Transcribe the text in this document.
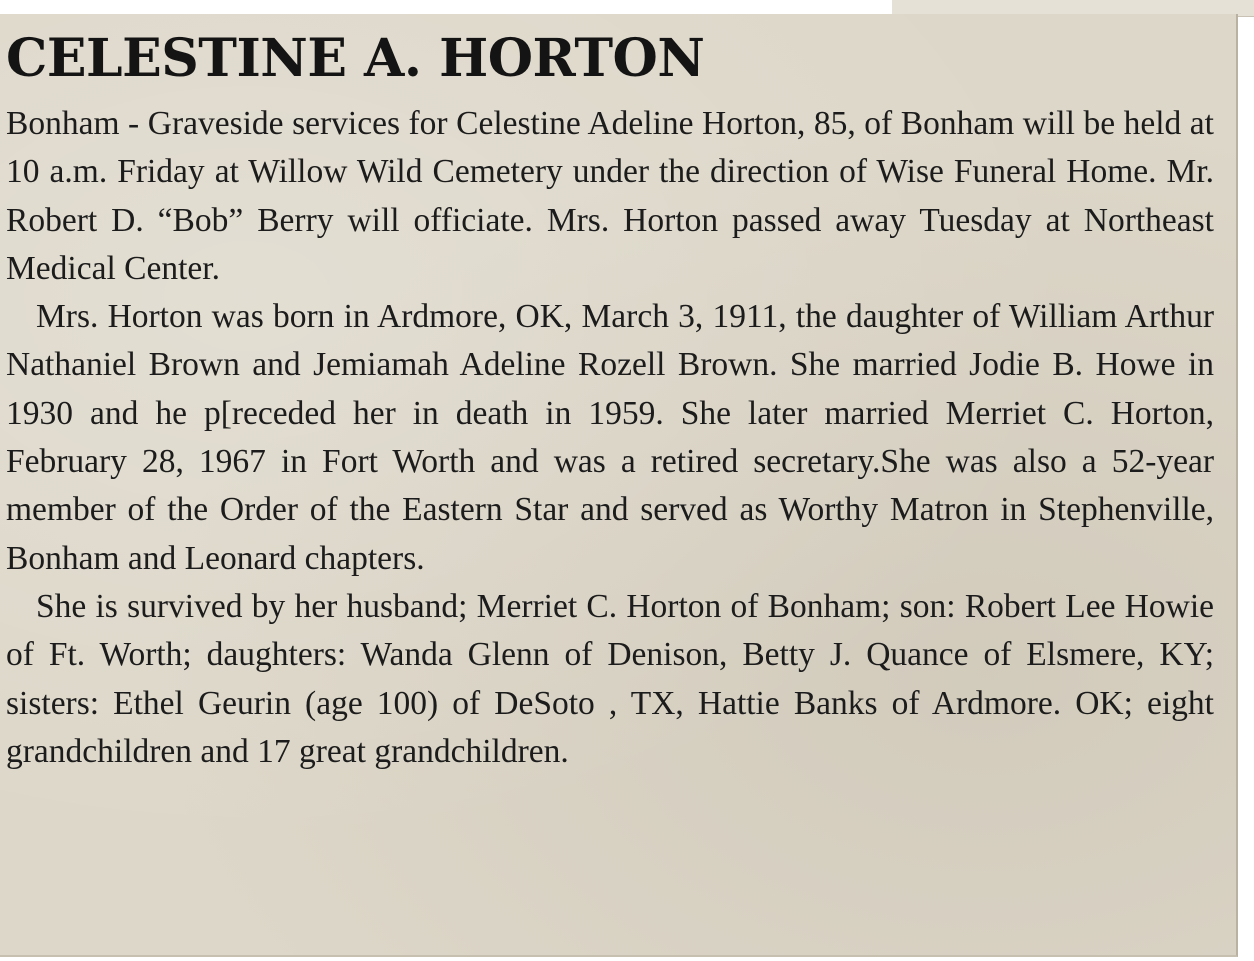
CELESTINE A. HORTON

Bonham - Graveside services for Celestine Adeline Horton, 85, of Bonham will be held at 10 a.m. Friday at Willow Wild Cemetery under the direction of Wise Funeral Home. Mr. Robert D. “Bob” Berry will officiate. Mrs. Horton passed away Tuesday at Northeast Medical Center.

Mrs. Horton was born in Ardmore, OK, March 3, 1911, the daughter of William Arthur Nathaniel Brown and Jemiamah Adeline Rozell Brown. She married Jodie B. Howe in 1930 and he p[receded her in death in 1959. She later married Merriet C. Horton, February 28, 1967 in Fort Worth and was a retired secretary.She was also a 52-year member of the Order of the Eastern Star and served as Worthy Matron in Stephenville, Bonham and Leonard chapters.

She is survived by her husband; Merriet C. Horton of Bonham; son: Robert Lee Howie of Ft. Worth; daughters: Wanda Glenn of Denison, Betty J. Quance of Elsmere, KY; sisters: Ethel Geurin (age 100) of DeSoto , TX, Hattie Banks of Ardmore. OK; eight grandchildren and 17 great grandchildren.
